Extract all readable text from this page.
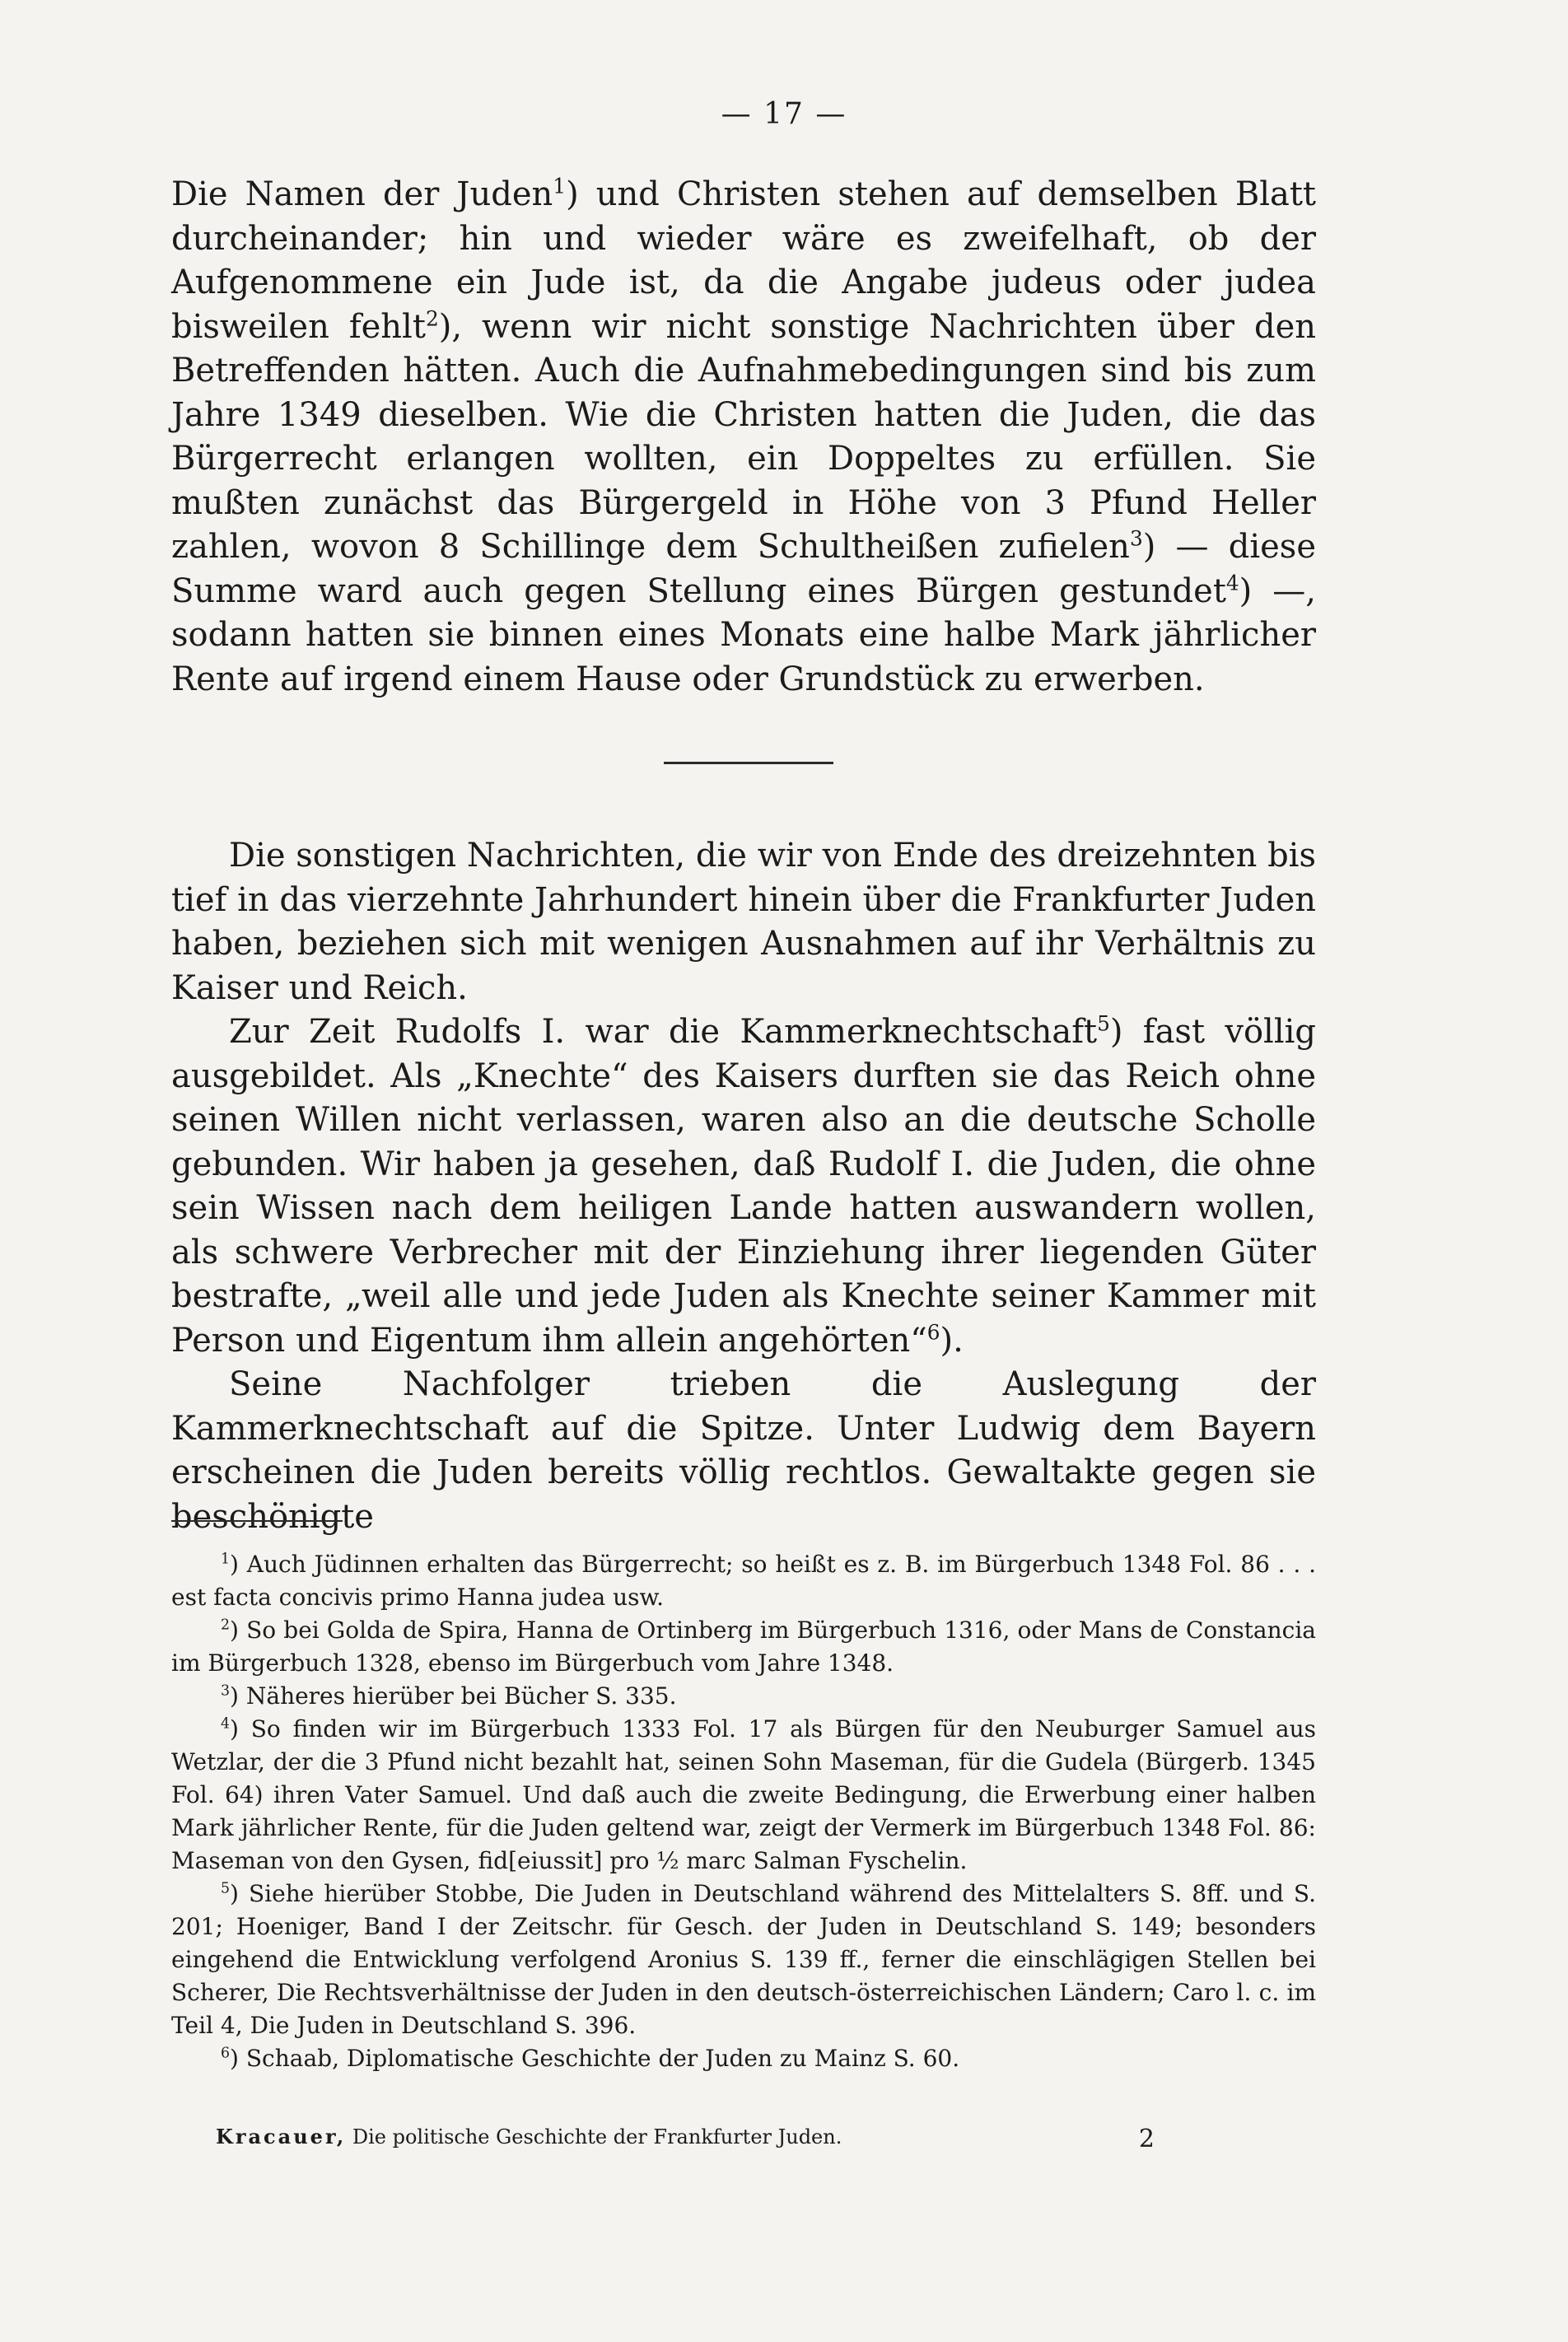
— 17 —

Die Namen der Juden$^1$) und Christen stehen auf demselben Blatt durcheinander; hin und wieder wäre es zweifelhaft, ob der Aufgenommene ein Jude ist, da die Angabe judeus oder judea bisweilen fehlt$^2$), wenn wir nicht sonstige Nachrichten über den Betreffenden hätten. Auch die Aufnahmebedingungen sind bis zum Jahre 1349 dieselben. Wie die Christen hatten die Juden, die das Bürgerrecht erlangen wollten, ein Doppeltes zu erfüllen. Sie mußten zunächst das Bürgergeld in Höhe von 3 Pfund Heller zahlen, wovon 8 Schillinge dem Schultheißen zufielen$^3$) — diese Summe ward auch gegen Stellung eines Bürgen gestundet$^4$) —, sodann hatten sie binnen eines Monats eine halbe Mark jährlicher Rente auf irgend einem Hause oder Grundstück zu erwerben.

Die sonstigen Nachrichten, die wir von Ende des dreizehnten bis tief in das vierzehnte Jahrhundert hinein über die Frankfurter Juden haben, beziehen sich mit wenigen Ausnahmen auf ihr Verhältnis zu Kaiser und Reich.

Zur Zeit Rudolfs I. war die Kammerknechtschaft$^5$) fast völlig ausgebildet. Als „Knechte“ des Kaisers durften sie das Reich ohne seinen Willen nicht verlassen, waren also an die deutsche Scholle gebunden. Wir haben ja gesehen, daß Rudolf I. die Juden, die ohne sein Wissen nach dem heiligen Lande hatten auswandern wollen, als schwere Verbrecher mit der Einziehung ihrer liegenden Güter bestrafte, „weil alle und jede Juden als Knechte seiner Kammer mit Person und Eigentum ihm allein angehörten“$^6$).

Seine Nachfolger trieben die Auslegung der Kammerknechtschaft auf die Spitze. Unter Ludwig dem Bayern erscheinen die Juden bereits völlig rechtlos. Gewaltakte gegen sie beschönigte

$^1$) Auch Jüdinnen erhalten das Bürgerrecht; so heißt es z. B. im Bürgerbuch 1348 Fol. 86 . . . est facta concivis primo Hanna judea usw.

$^2$) So bei Golda de Spira, Hanna de Ortinberg im Bürgerbuch 1316, oder Mans de Constancia im Bürgerbuch 1328, ebenso im Bürgerbuch vom Jahre 1348.

$^3$) Näheres hierüber bei Bücher S. 335.

$^4$) So finden wir im Bürgerbuch 1333 Fol. 17 als Bürgen für den Neuburger Samuel aus Wetzlar, der die 3 Pfund nicht bezahlt hat, seinen Sohn Maseman, für die Gudela (Bürgerb. 1345 Fol. 64) ihren Vater Samuel. Und daß auch die zweite Bedingung, die Erwerbung einer halben Mark jährlicher Rente, für die Juden geltend war, zeigt der Vermerk im Bürgerbuch 1348 Fol. 86: Maseman von den Gysen, fid[eiussit] pro ½ marc Salman Fyschelin.

$^5$) Siehe hierüber Stobbe, Die Juden in Deutschland während des Mittelalters S. 8ff. und S. 201; Hoeniger, Band I der Zeitschr. für Gesch. der Juden in Deutschland S. 149; besonders eingehend die Entwicklung verfolgend Aronius S. 139 ff., ferner die einschlägigen Stellen bei Scherer, Die Rechtsverhältnisse der Juden in den deutsch-österreichischen Ländern; Caro l. c. im Teil 4, Die Juden in Deutschland S. 396.

$^6$) Schaab, Diplomatische Geschichte der Juden zu Mainz S. 60.

Kracauer, Die politische Geschichte der Frankfurter Juden.	2
